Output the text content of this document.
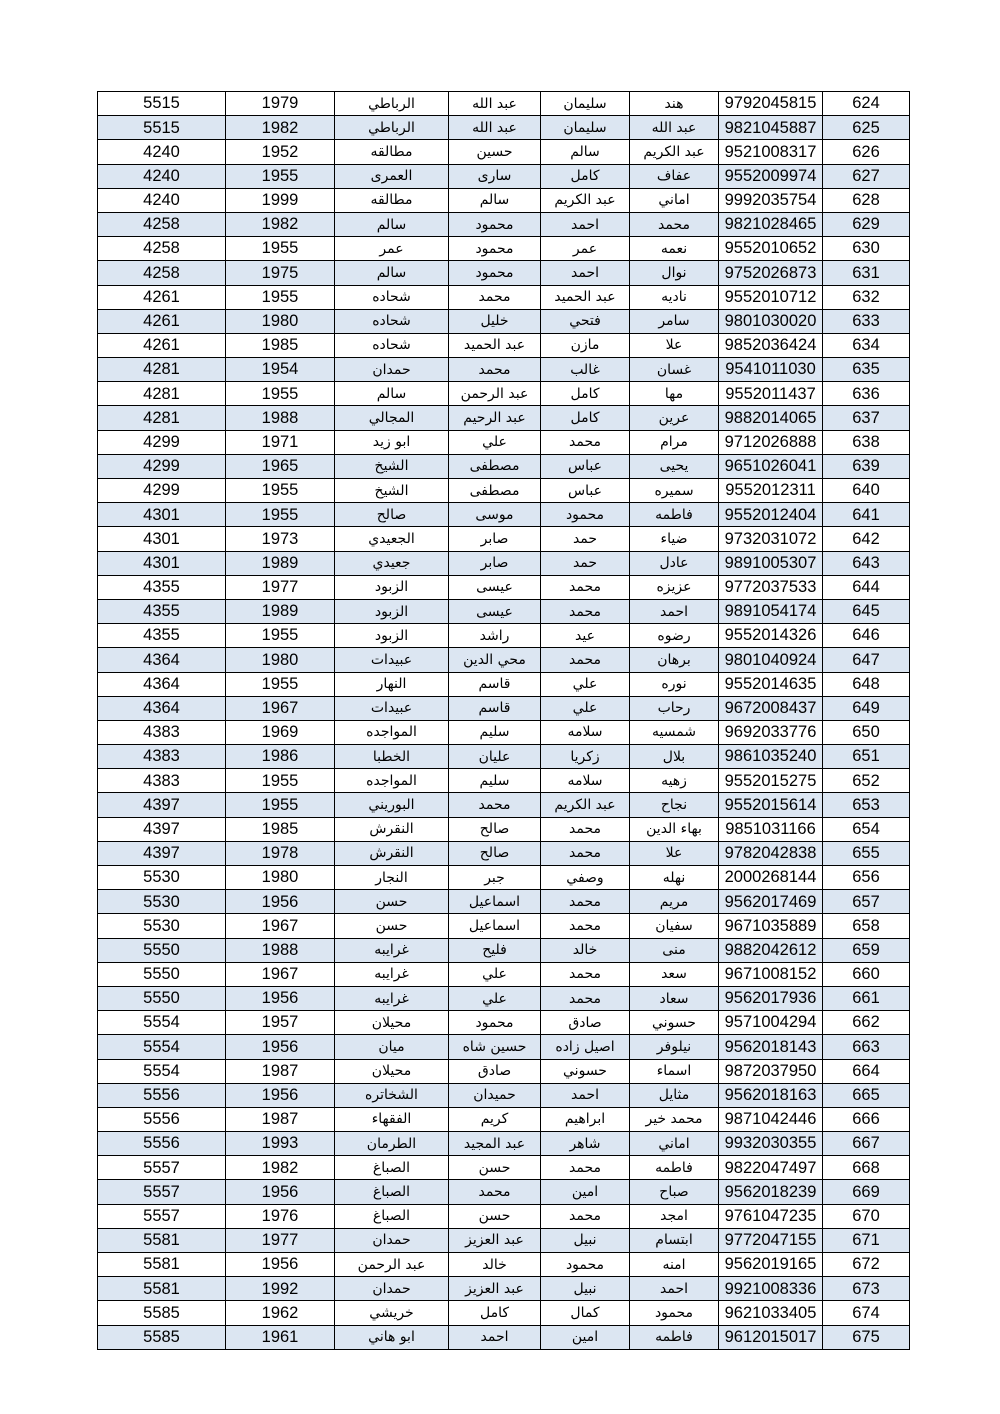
5515	1979	الرباطي	عبد الله	سليمان	هند	9792045815	624
5515	1982	الرباطي	عبد الله	سليمان	عبد الله	9821045887	625
4240	1952	مطالقه	حسين	سالم	عبد الكريم	9521008317	626
4240	1955	العمرى	سارى	كامل	عفاف	9552009974	627
4240	1999	مطالقه	سالم	عبد الكريم	اماني	9992035754	628
4258	1982	سالم	محمود	احمد	محمد	9821028465	629
4258	1955	عمر	محمود	عمر	نعمه	9552010652	630
4258	1975	سالم	محمود	احمد	نوال	9752026873	631
4261	1955	شحاده	محمد	عبد الحميد	ناديه	9552010712	632
4261	1980	شحاده	خليل	فتحي	سامر	9801030020	633
4261	1985	شحاده	عبد الحميد	مازن	علا	9852036424	634
4281	1954	حمدان	محمد	غالب	غسان	9541011030	635
4281	1955	سالم	عبد الرحمن	كامل	مها	9552011437	636
4281	1988	المجالي	عبد الرحيم	كامل	عرين	9882014065	637
4299	1971	ابو زيد	علي	محمد	مرام	9712026888	638
4299	1965	الشيخ	مصطفى	عباس	يحيى	9651026041	639
4299	1955	الشيخ	مصطفى	عباس	سميره	9552012311	640
4301	1955	صالح	موسى	محمود	فاطمه	9552012404	641
4301	1973	الجعيدي	صابر	حمد	ضياء	9732031072	642
4301	1989	جعيدي	صابر	حمد	عادل	9891005307	643
4355	1977	الزبود	عيسى	محمد	عزيزه	9772037533	644
4355	1989	الزبود	عيسى	محمد	احمد	9891054174	645
4355	1955	الزبود	راشد	عيد	رضوه	9552014326	646
4364	1980	عبيدات	محي الدين	محمد	برهان	9801040924	647
4364	1955	النهار	قاسم	علي	نوره	9552014635	648
4364	1967	عبيدات	قاسم	علي	رحاب	9672008437	649
4383	1969	المواجده	سليم	سلامه	شمسيه	9692033776	650
4383	1986	الخطبا	عليان	زكريا	بلال	9861035240	651
4383	1955	المواجده	سليم	سلامه	زهيه	9552015275	652
4397	1955	البوريني	محمد	عبد الكريم	نجاح	9552015614	653
4397	1985	النقرش	صالح	محمد	بهاء الدين	9851031166	654
4397	1978	النقرش	صالح	محمد	علا	9782042838	655
5530	1980	النجار	جبر	وصفي	نهله	2000268144	656
5530	1956	حسن	اسماعيل	محمد	مريم	9562017469	657
5530	1967	حسن	اسماعيل	محمد	سفيان	9671035889	658
5550	1988	غرايبه	فليح	خالد	منى	9882042612	659
5550	1967	غرايبه	علي	محمد	سعد	9671008152	660
5550	1956	غرايبه	علي	محمد	سعاد	9562017936	661
5554	1957	محيلان	محمود	صادق	حسوني	9571004294	662
5554	1956	ميان	حسين شاه	اصيل زاده	نيلوفر	9562018143	663
5554	1987	محيلان	صادق	حسوني	اسماء	9872037950	664
5556	1956	الشخاتره	حميدان	احمد	مثايل	9562018163	665
5556	1987	الفقهاء	كريم	ابراهيم	محمد خير	9871042446	666
5556	1993	الطرمان	عبد المجيد	شاهر	اماني	9932030355	667
5557	1982	الصباغ	حسن	محمد	فاطمه	9822047497	668
5557	1956	الصباغ	محمد	امين	صباح	9562018239	669
5557	1976	الصباغ	حسن	محمد	امجد	9761047235	670
5581	1977	حمدان	عبد العزيز	نبيل	ابتسام	9772047155	671
5581	1956	عبد الرحمن	خالد	محمود	امنه	9562019165	672
5581	1992	حمدان	عبد العزيز	نبيل	احمد	9921008336	673
5585	1962	خريشي	كامل	كمال	محمود	9621033405	674
5585	1961	ابو هاني	احمد	امين	فاطمه	9612015017	675
